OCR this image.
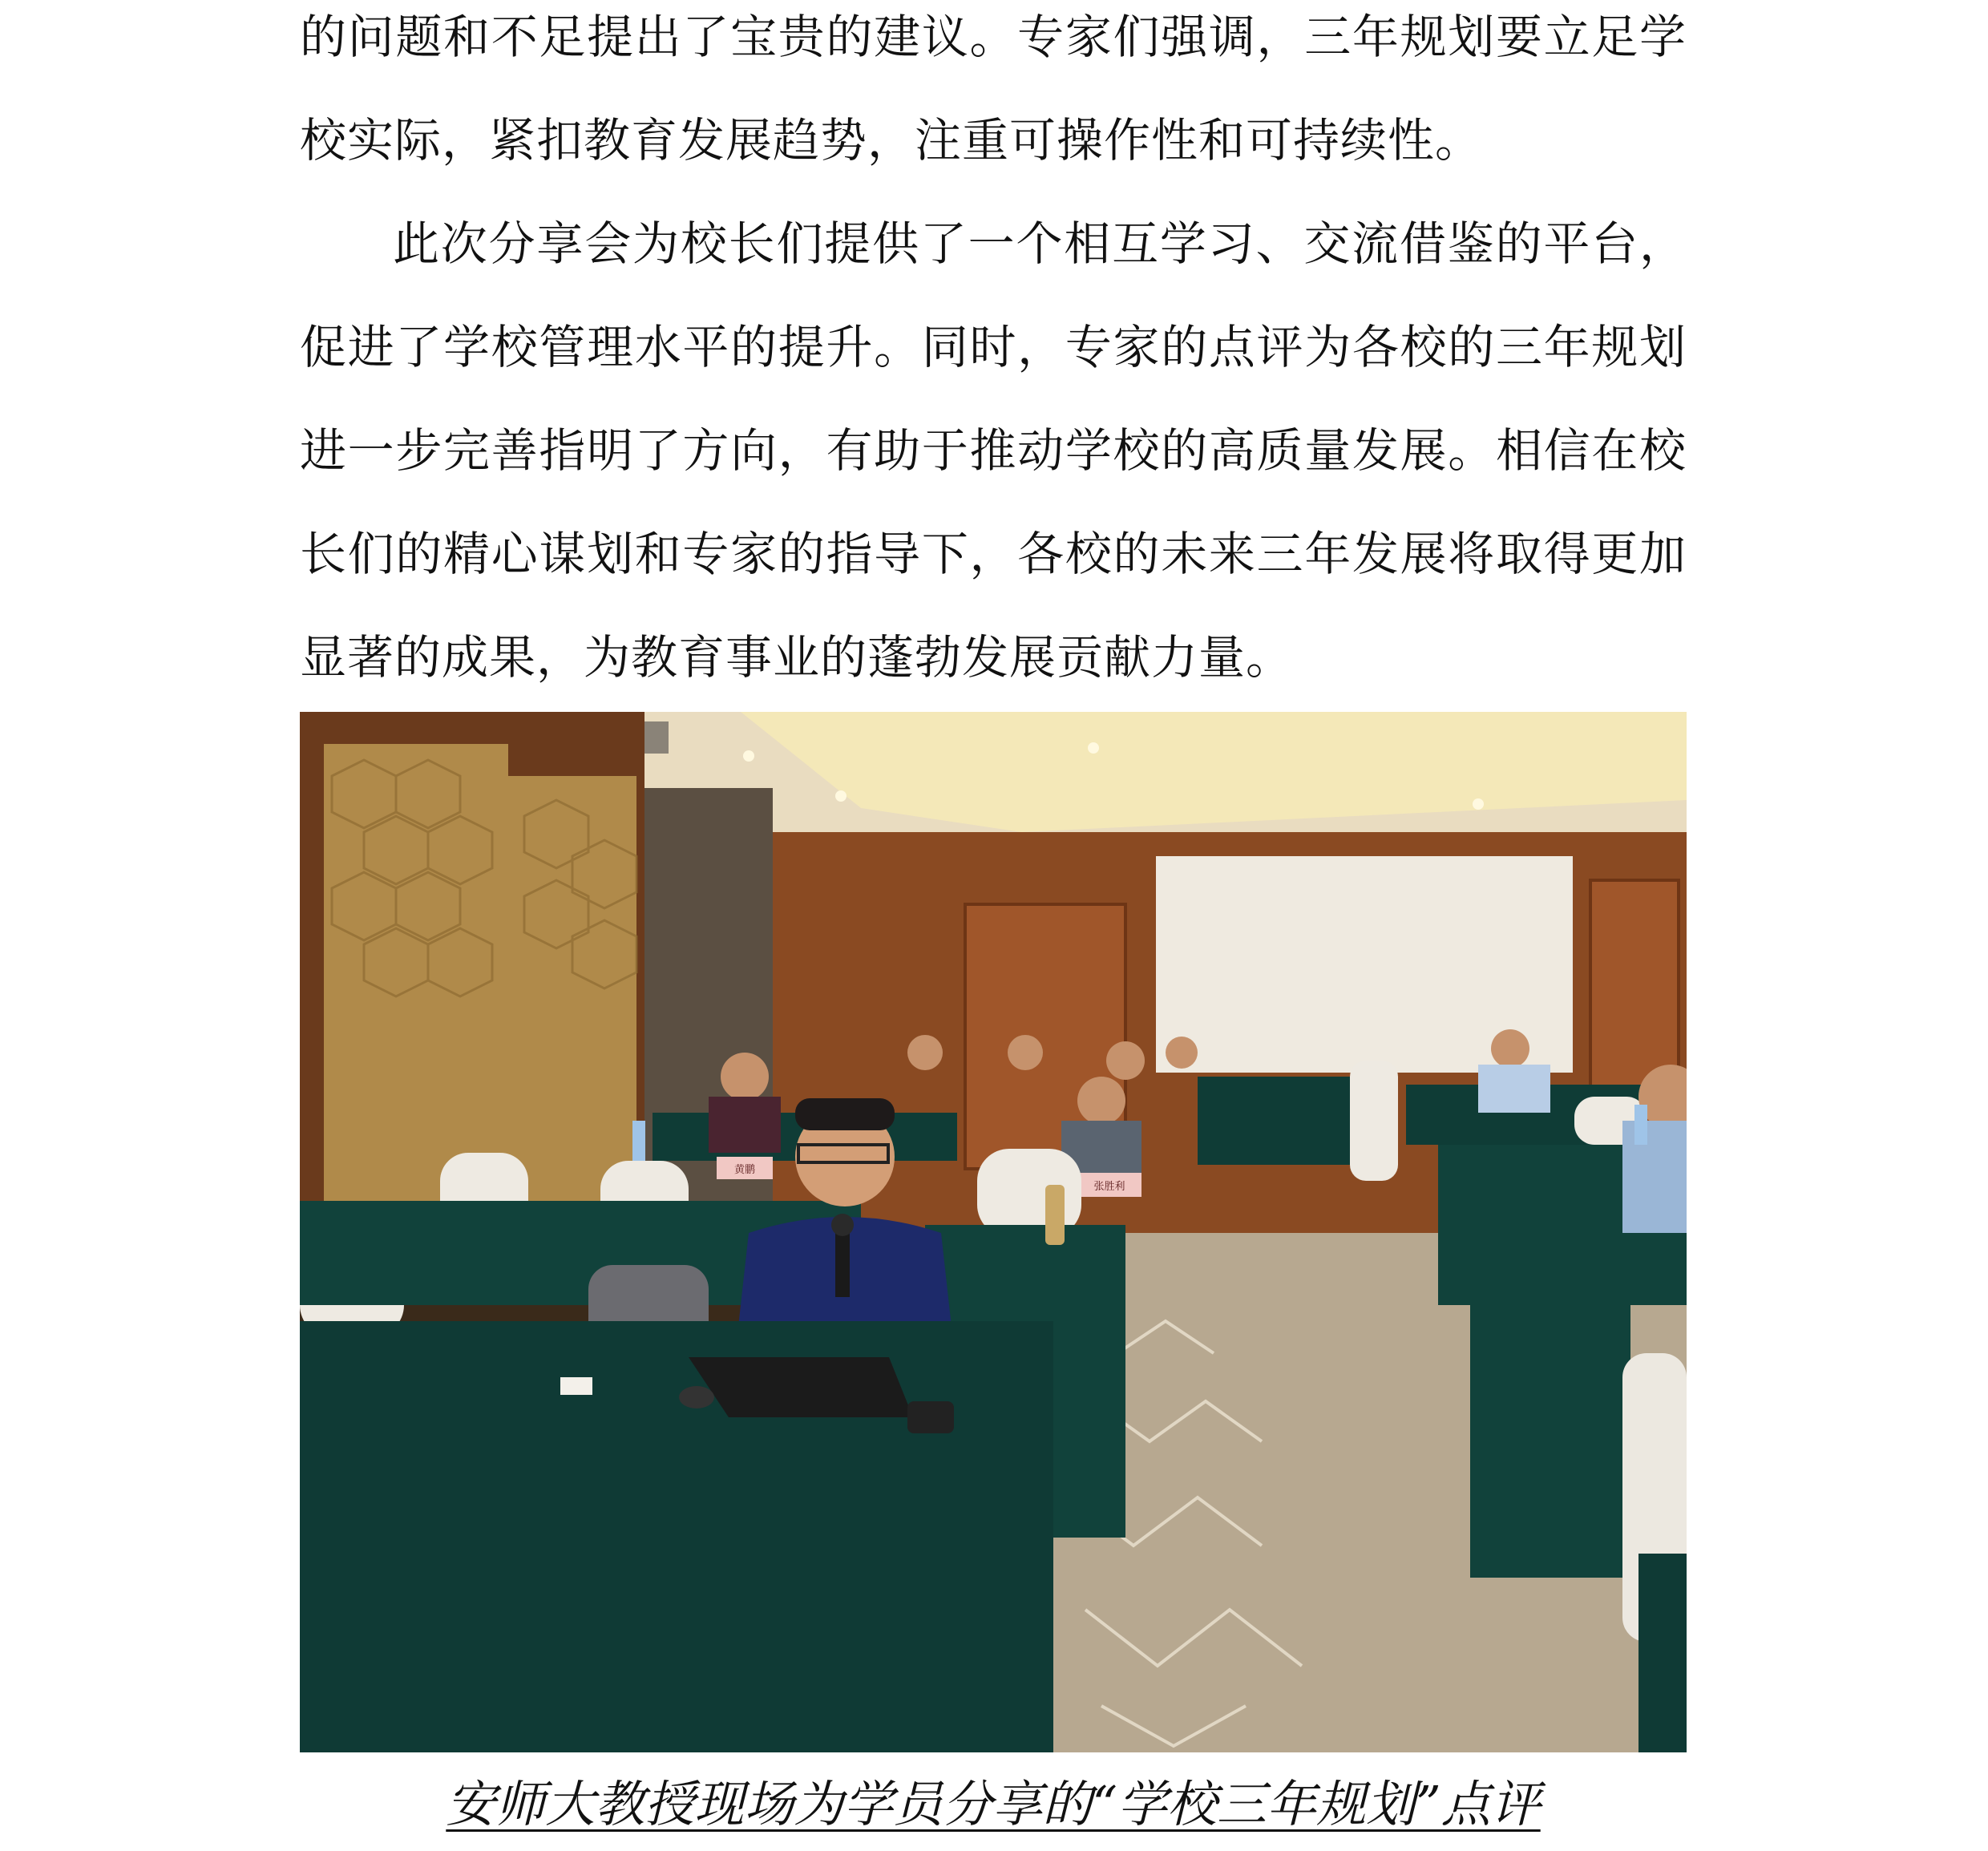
的问题和不足提出了宝贵的建议。专家们强调，三年规划要立足学校实际，紧扣教育发展趋势，注重可操作性和可持续性。

此次分享会为校长们提供了一个相互学习、交流借鉴的平台，促进了学校管理水平的提升。同时，专家的点评为各校的三年规划进一步完善指明了方向，有助于推动学校的高质量发展。相信在校长们的精心谋划和专家的指导下，各校的未来三年发展将取得更加显著的成果，为教育事业的蓬勃发展贡献力量。

黄鹏
张胜利
安师大教授现场为学员分享的“学校三年规划”点评
